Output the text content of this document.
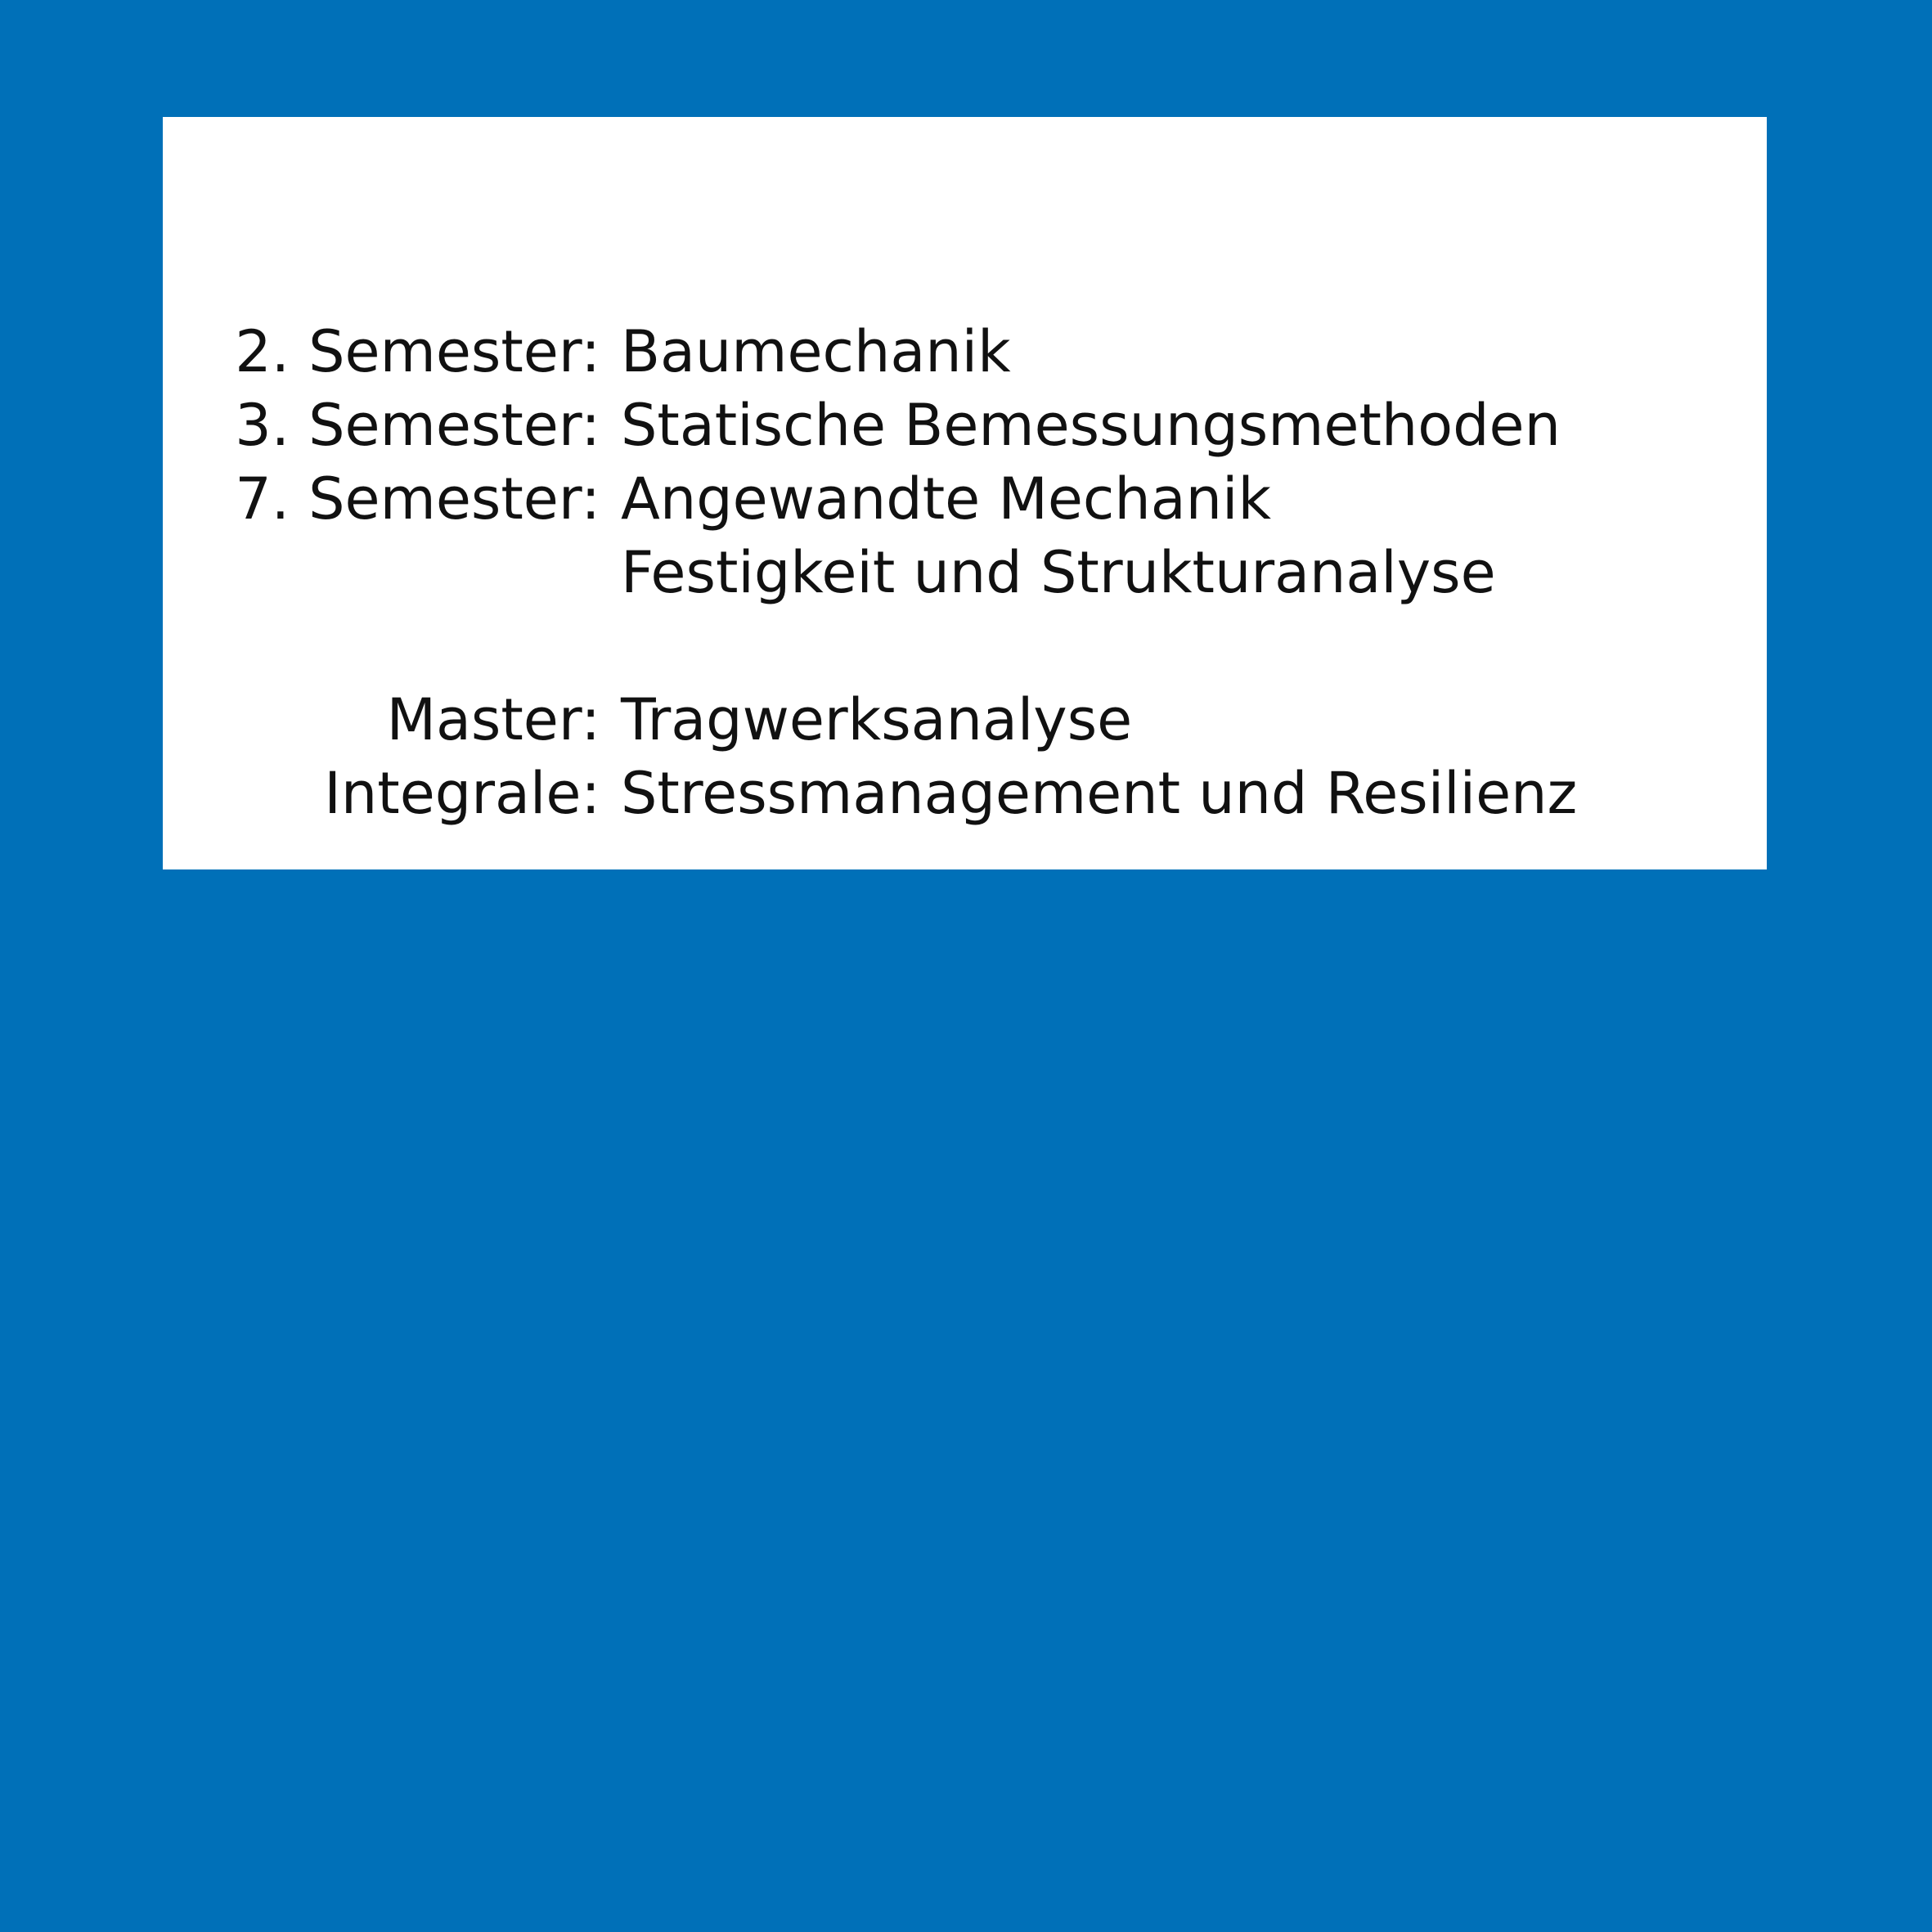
2. Semester: Baumechanik
3. Semester: Statische Bemessungsmethoden
7. Semester: Angewandte Mechanik
Festigkeit und Strukturanalyse
Master: Tragwerksanalyse
Integrale: Stressmanagement und Resilienz
